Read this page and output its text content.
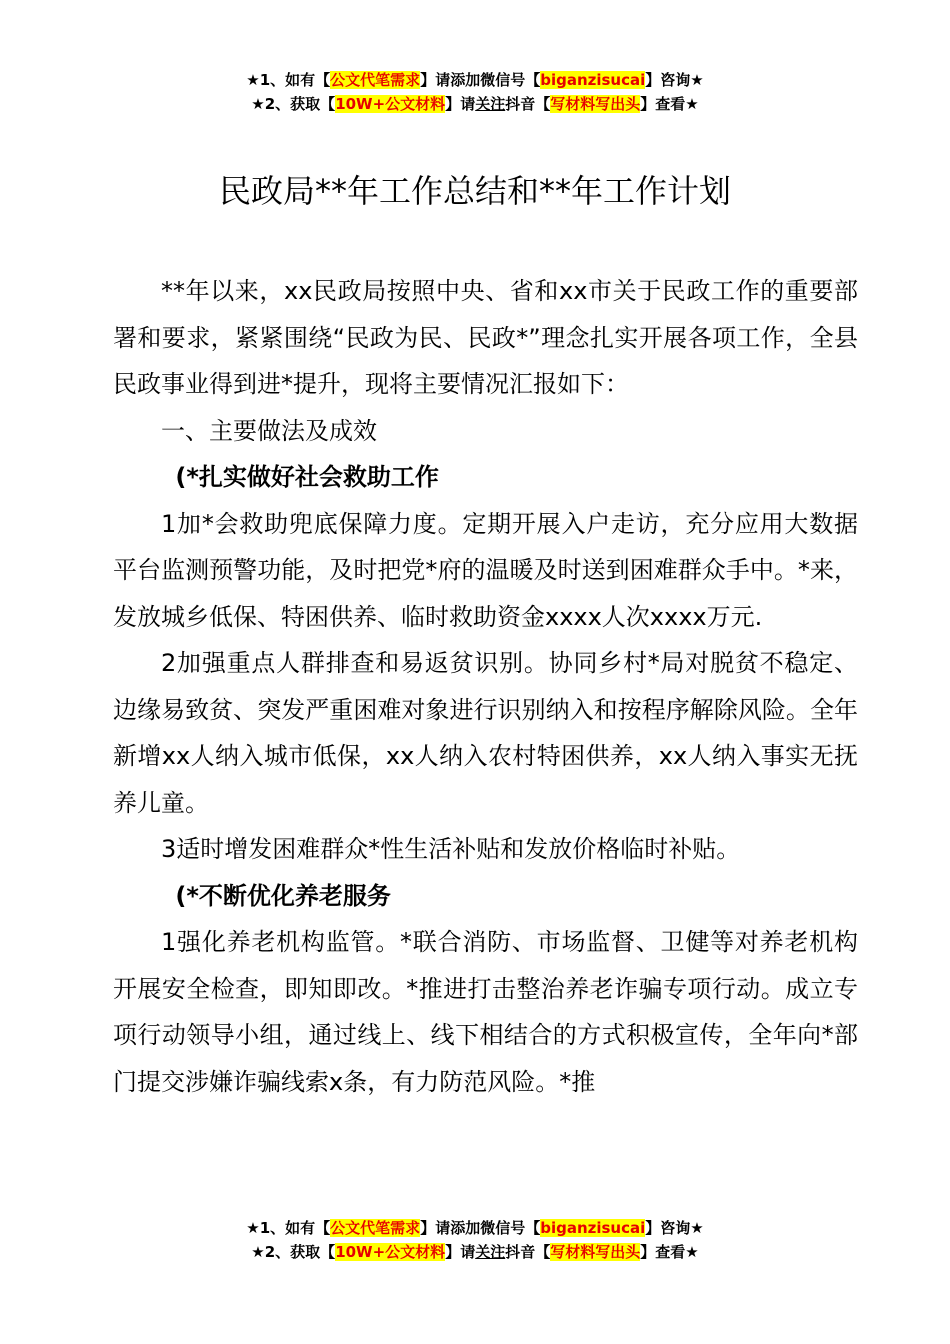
★1、如有【公文代笔需求】请添加微信号【biganzisucai】咨询★
★2、获取【10W+公文材料】请关注抖音【写材料写出头】查看★
民政局**年工作总结和**年工作计划

**年以来，xx民政局按照中央、省和xx市关于民政工作的重要部署和要求，紧紧围绕“民政为民、民政*”理念扎实开展各项工作，全县民政事业得到进*提升，现将主要情况汇报如下：

一、主要做法及成效

(*扎实做好社会救助工作

1加*会救助兜底保障力度。定期开展入户走访，充分应用大数据平台监测预警功能，及时把党*府的温暖及时送到困难群众手中。*来，发放城乡低保、特困供养、临时救助资金xxxx人次xxxx万元.

2加强重点人群排查和易返贫识别。协同乡村*局对脱贫不稳定、边缘易致贫、突发严重困难对象进行识别纳入和按程序解除风险。全年新增xx人纳入城市低保，xx人纳入农村特困供养，xx人纳入事实无抚养儿童。

3适时增发困难群众*性生活补贴和发放价格临时补贴。

(*不断优化养老服务

1强化养老机构监管。*联合消防、市场监督、卫健等对养老机构开展安全检查，即知即改。*推进打击整治养老诈骗专项行动。成立专项行动领导小组，通过线上、线下相结合的方式积极宣传，全年向*部门提交涉嫌诈骗线索x条，有力防范风险。*推

★1、如有【公文代笔需求】请添加微信号【biganzisucai】咨询★
★2、获取【10W+公文材料】请关注抖音【写材料写出头】查看★
